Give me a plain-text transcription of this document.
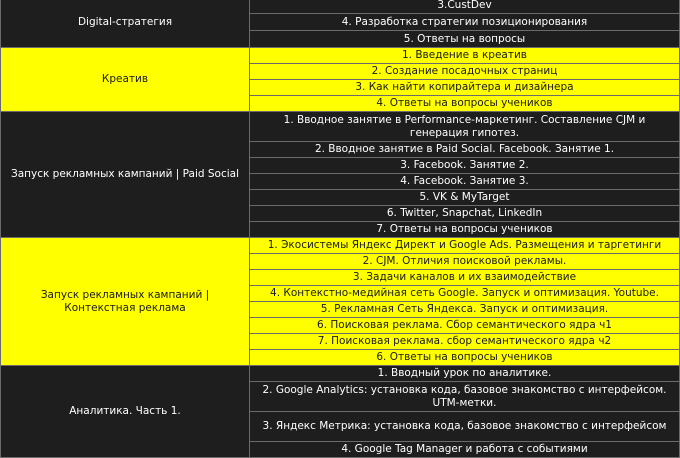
Digital-стратегия	3.CustDev
	4. Разработка стратегии позиционирования
	5. Ответы на вопросы
Креатив	1. Введение в креатив
	2. Создание посадочных страниц
	3. Как найти копирайтера и дизайнера
	4. Ответы на вопросы учеников
Запуск рекламных кампаний | Paid Social	1. Вводное занятие в Performance-маркетинг. Составление CJM и генерация гипотез.
	2. Вводное занятие в Paid Social. Facebook. Занятие 1.
	3. Facebook. Занятие 2.
	4. Facebook. Занятие 3.
	5. VK & MyTarget
	6. Twitter, Snapchat, LinkedIn
	7. Ответы на вопросы учеников
Запуск рекламных кампаний | Контекстная реклама	1. Экосистемы Яндекс Директ и Google Ads. Размещения и таргетинги
	2. CJM. Отличия поисковой рекламы.
	3. Задачи каналов и их взаимодействие
	4. Контекстно-медийная сеть Google. Запуск и оптимизация. Youtube.
	5. Рекламная Сеть Яндекса. Запуск и оптимизация.
	6. Поисковая реклама. Сбор семантического ядра ч1
	7. Поисковая реклама. сбор семантического ядра ч2
	6. Ответы на вопросы учеников
Аналитика. Часть 1.	1. Вводный урок по аналитике.
	2. Google Analytics: установка кода, базовое знакомство с интерфейсом. UTM-метки.
	3. Яндекс Метрика: установка кода, базовое знакомство с интерфейсом
	4. Google Tag Manager и работа с событиями
